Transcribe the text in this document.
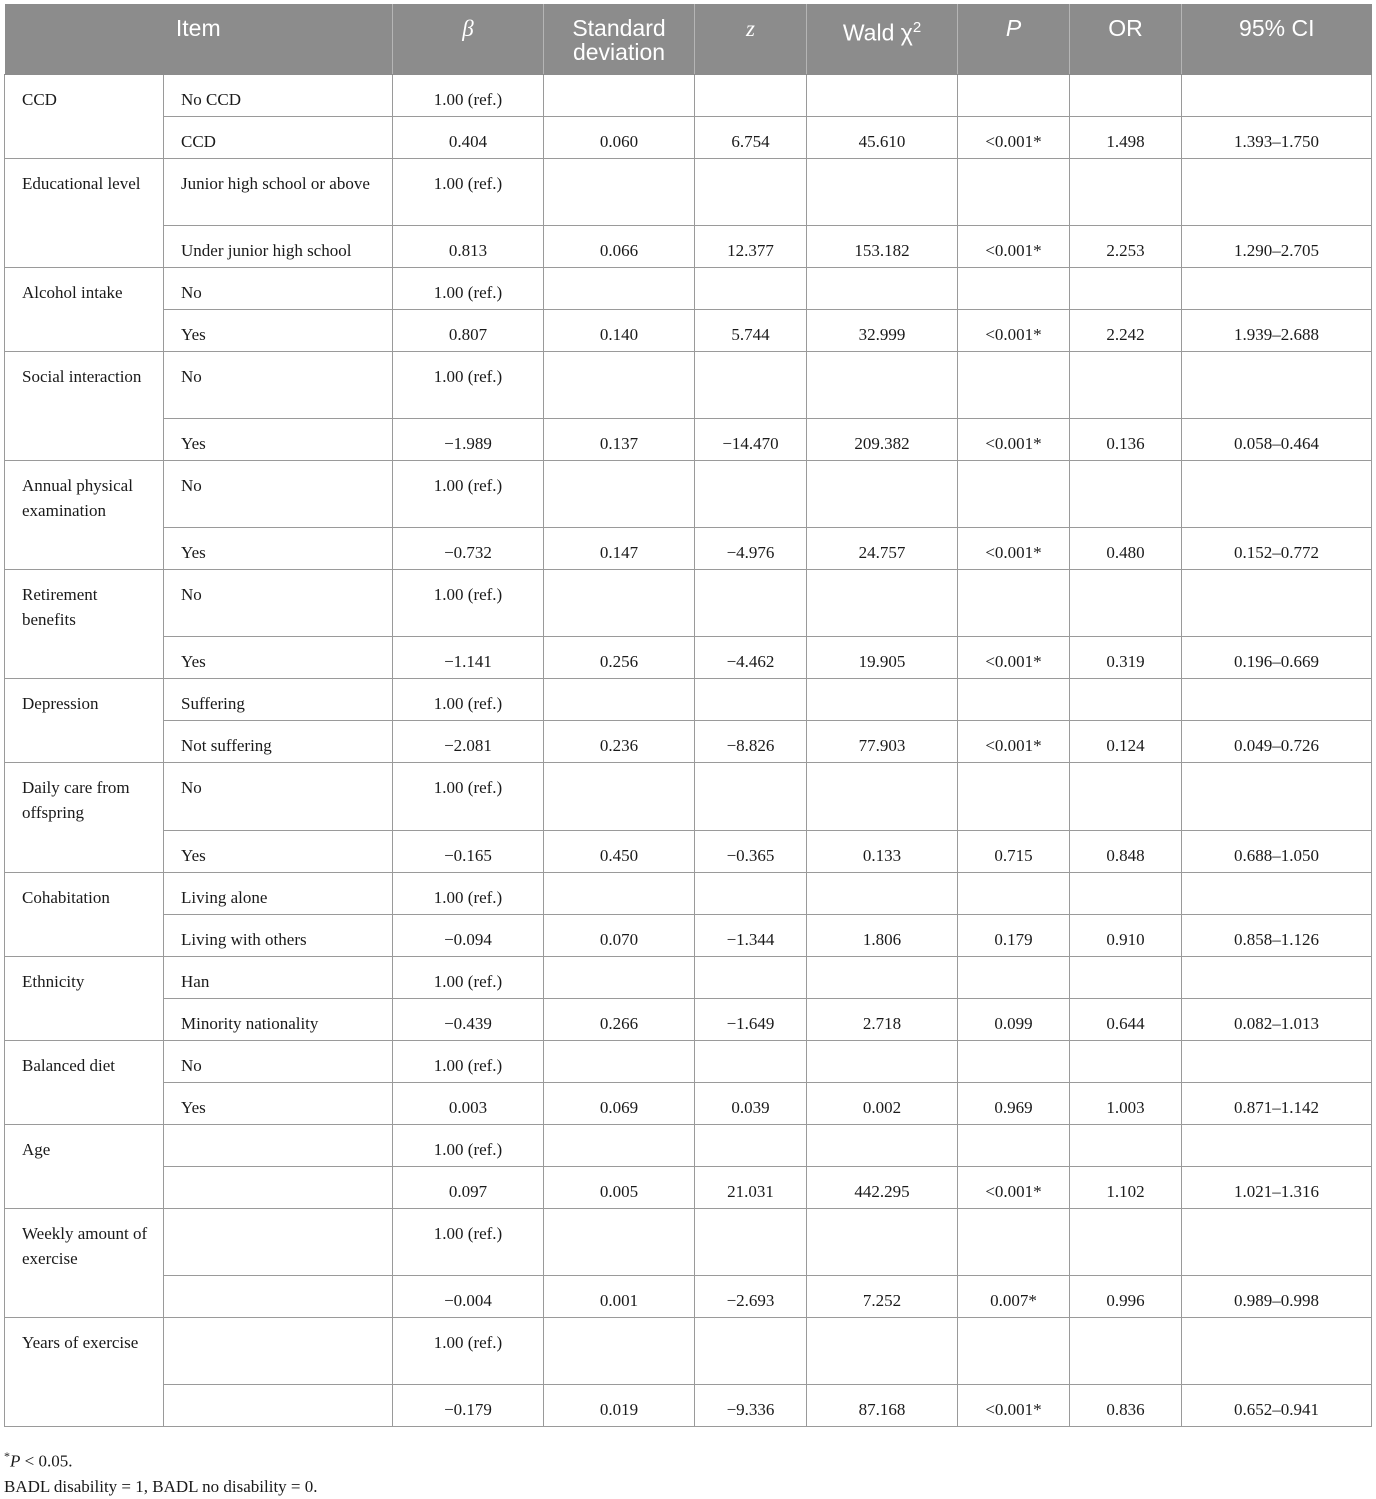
Item		β	Standard deviation	z	Wald $\chi^2$	P	OR	95% CI
CCD	No CCD	1.00 (ref.)						
	CCD	0.404	0.060	6.754	45.610	<0.001*	1.498	1.393–1.750
Educational level	Junior high school or above	1.00 (ref.)						
	Under junior high school	0.813	0.066	12.377	153.182	<0.001*	2.253	1.290–2.705
Alcohol intake	No	1.00 (ref.)						
	Yes	0.807	0.140	5.744	32.999	<0.001*	2.242	1.939–2.688
Social interaction	No	1.00 (ref.)						
	Yes	−1.989	0.137	−14.470	209.382	<0.001*	0.136	0.058–0.464
Annual physical examination	No	1.00 (ref.)						
	Yes	−0.732	0.147	−4.976	24.757	<0.001*	0.480	0.152–0.772
Retirement benefits	No	1.00 (ref.)						
	Yes	−1.141	0.256	−4.462	19.905	<0.001*	0.319	0.196–0.669
Depression	Suffering	1.00 (ref.)						
	Not suffering	−2.081	0.236	−8.826	77.903	<0.001*	0.124	0.049–0.726
Daily care from offspring	No	1.00 (ref.)						
	Yes	−0.165	0.450	−0.365	0.133	0.715	0.848	0.688–1.050
Cohabitation	Living alone	1.00 (ref.)						
	Living with others	−0.094	0.070	−1.344	1.806	0.179	0.910	0.858–1.126
Ethnicity	Han	1.00 (ref.)						
	Minority nationality	−0.439	0.266	−1.649	2.718	0.099	0.644	0.082–1.013
Balanced diet	No	1.00 (ref.)						
	Yes	0.003	0.069	0.039	0.002	0.969	1.003	0.871–1.142
Age		1.00 (ref.)						
		0.097	0.005	21.031	442.295	<0.001*	1.102	1.021–1.316
Weekly amount of exercise		1.00 (ref.)						
		−0.004	0.001	−2.693	7.252	0.007*	0.996	0.989–0.998
Years of exercise		1.00 (ref.)						
		−0.179	0.019	−9.336	87.168	<0.001*	0.836	0.652–0.941

*P < 0.05.

BADL disability = 1, BADL no disability = 0.
